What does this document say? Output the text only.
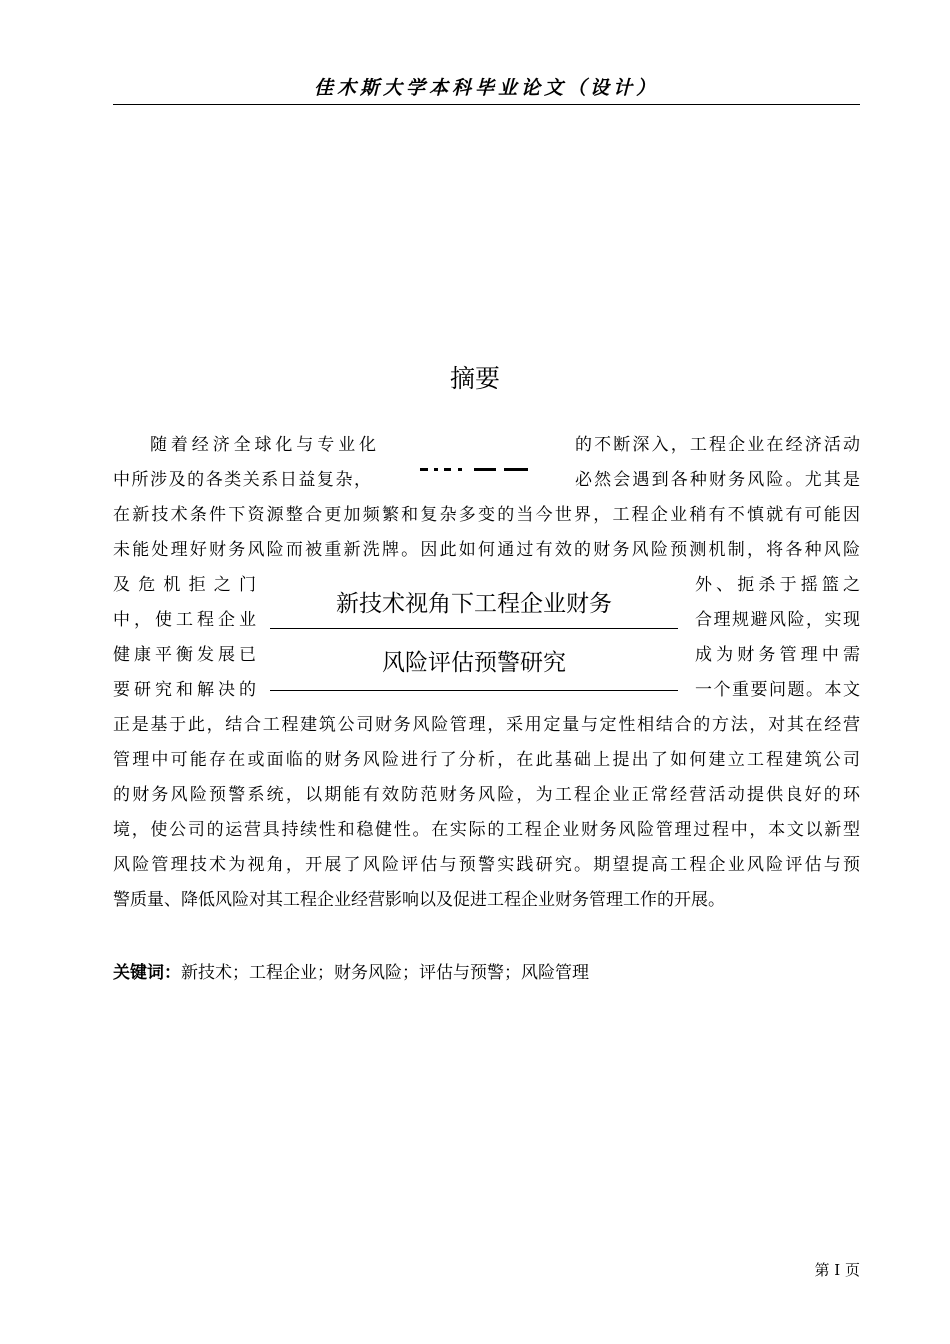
佳木斯大学本科毕业论文（设计）
摘要
随着经济全球化与专业化	的不断深入，工程企业在经济活动
中所涉及的各类关系日益复杂，	必然会遇到各种财务风险。尤其是
在新技术条件下资源整合更加频繁和复杂多变的当今世界，工程企业稍有不慎就有可能因
未能处理好财务风险而被重新洗牌。因此如何通过有效的财务风险预测机制，将各种风险
及危机拒之门	外、扼杀于摇篮之
中，使工程企业	合理规避风险，实现
健康平衡发展已	成为财务管理中需
要研究和解决的	一个重要问题。本文
新技术视角下工程企业财务
风险评估预警研究
正是基于此，结合工程建筑公司财务风险管理，采用定量与定性相结合的方法，对其在经营
管理中可能存在或面临的财务风险进行了分析，在此基础上提出了如何建立工程建筑公司
的财务风险预警系统，以期能有效防范财务风险，为工程企业正常经营活动提供良好的环
境，使公司的运营具持续性和稳健性。在实际的工程企业财务风险管理过程中，本文以新型
风险管理技术为视角，开展了风险评估与预警实践研究。期望提高工程企业风险评估与预
警质量、降低风险对其工程企业经营影响以及促进工程企业财务管理工作的开展。
关键词：新技术；工程企业；财务风险；评估与预警；风险管理
第 I 页
